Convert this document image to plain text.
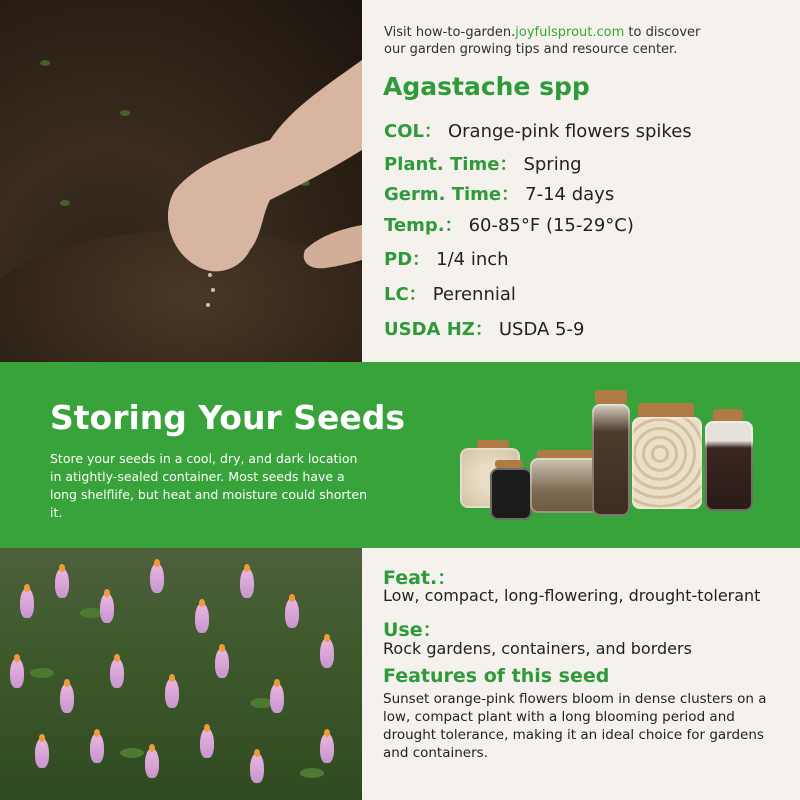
Visit how-to-garden.joyfulsprout.com to discover
our garden growing tips and resource center.
Agastache spp
COL： Orange-pink flowers spikes
Plant. Time： Spring
Germ. Time： 7-14 days
Temp.： 60-85°F (15-29°C)
PD： 1/4 inch
LC： Perennial
USDA HZ： USDA 5-9
Storing Your Seeds
Store your seeds in a cool, dry, and dark location in atightly-sealed container. Most seeds have a long shelflife, but heat and moisture could shorten it.
Feat.：
Low, compact, long-flowering, drought-tolerant
Use：
Rock gardens, containers, and borders
Features of this seed
Sunset orange-pink flowers bloom in dense clusters on a low, compact plant with a long blooming period and drought tolerance, making it an ideal choice for gardens and containers.
